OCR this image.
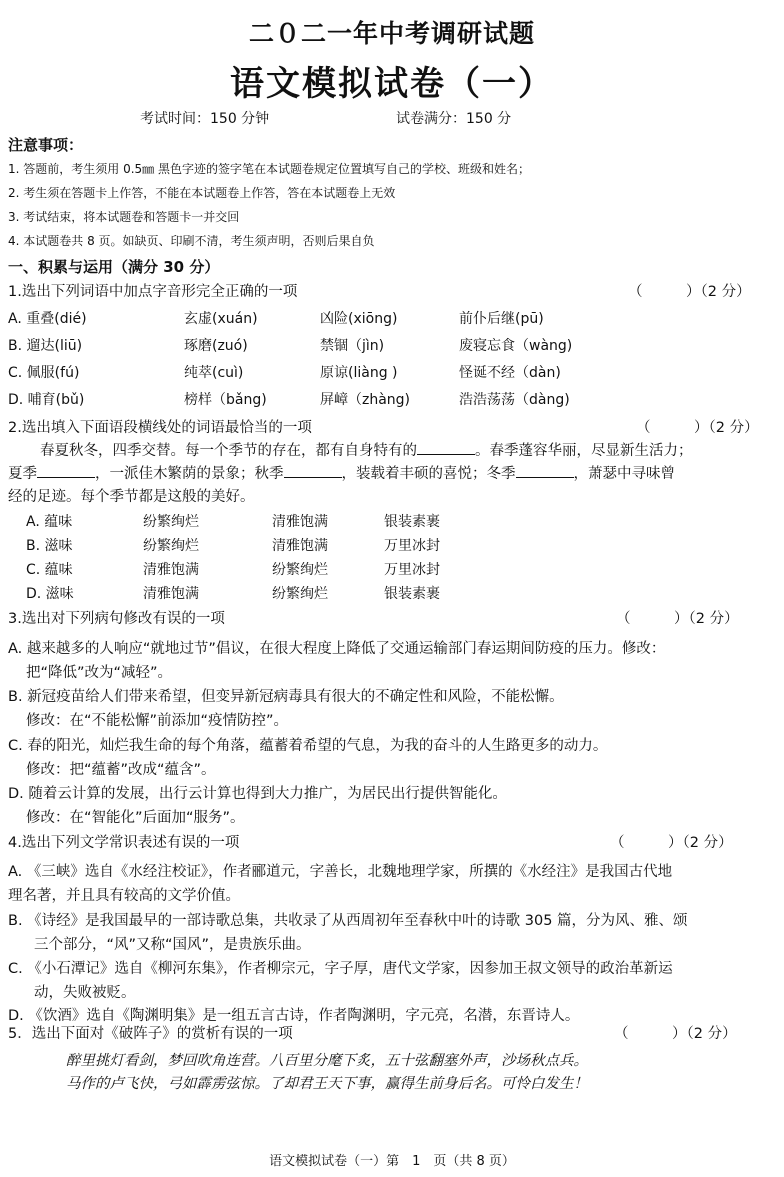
二０二一年中考调研试题
语文模拟试卷（一）
考试时间：150 分钟	试卷满分：150 分
注意事项：
1. 答题前，考生须用 0.5㎜ 黑色字迹的签字笔在本试题卷规定位置填写自己的学校、班级和姓名；
2. 考生须在答题卡上作答，不能在本试题卷上作答，答在本试题卷上无效
3. 考试结束，将本试题卷和答题卡一并交回
4. 本试题卷共 8 页。如缺页、印刷不清，考生须声明，否则后果自负
一、积累与运用（满分 30 分）
1.选出下列词语中加点字音形完全正确的一项	（　　　）（2 分）
A. 重叠(dié)	玄虚(xuán)	凶险(xiōng)	前仆后继(pū)
B. 遛达(liū)	琢磨(zuó)	禁锢（jìn)	废寝忘食（wàng)
C. 佩服(fú)	纯萃(cuì)	原谅(liàng )	怪诞不经（dàn)
D. 哺育(bǔ)	榜样（bǎng)	屏嶂（zhàng)	浩浩荡荡（dàng)
2.选出填入下面语段横线处的词语最恰当的一项	（　　　）（2 分）
春夏秋冬，四季交替。每一个季节的存在，都有自身特有的	。春季蓬容华丽，尽显新生活力；
夏季	，一派佳木繁荫的景象；秋季	，装载着丰硕的喜悦；冬季	，萧瑟中寻味曾
经的足迹。每个季节都是这般的美好。
A. 蕴味	纷繁绚烂	清雅饱满	银装素裹
B. 滋味	纷繁绚烂	清雅饱满	万里冰封
C. 蕴味	清雅饱满	纷繁绚烂	万里冰封
D. 滋味	清雅饱满	纷繁绚烂	银装素裹
3.选出对下列病句修改有误的一项	（　　　）（2 分）
A. 越来越多的人响应“就地过节”倡议，在很大程度上降低了交通运输部门春运期间防疫的压力。修改：
把“降低”改为“减轻”。
B. 新冠疫苗给人们带来希望，但变异新冠病毒具有很大的不确定性和风险，不能松懈。
修改：在“不能松懈”前添加“疫情防控”。
C. 春的阳光，灿烂我生命的每个角落，蕴蓄着希望的气息，为我的奋斗的人生路更多的动力。
修改：把“蕴蓄”改成“蕴含”。
D. 随着云计算的发展，出行云计算也得到大力推广，为居民出行提供智能化。
修改：在“智能化”后面加“服务”。
4.选出下列文学常识表述有误的一项	（　　　）（2 分）
A. 《三峡》选自《水经注校证》，作者郦道元，字善长，北魏地理学家，所撰的《水经注》是我国古代地
理名著，并且具有较高的文学价值。
B. 《诗经》是我国最早的一部诗歌总集，共收录了从西周初年至春秋中叶的诗歌 305 篇，分为风、雅、颂
三个部分，“风”又称“国风”，是贵族乐曲。
C. 《小石潭记》选自《柳河东集》，作者柳宗元，字子厚，唐代文学家，因参加王叔文领导的政治革新运
动，失败被贬。
D. 《饮酒》选自《陶渊明集》是一组五言古诗，作者陶渊明，字元亮，名潜，东晋诗人。
5．选出下面对《破阵子》的赏析有误的一项	（　　　）（2 分）
醉里挑灯看剑，梦回吹角连营。八百里分麾下炙，五十弦翻塞外声，沙场秋点兵。
马作的卢飞快，弓如霹雳弦惊。了却君王天下事，赢得生前身后名。可怜白发生！
语文模拟试卷（一）第　1　页（共 8 页）
